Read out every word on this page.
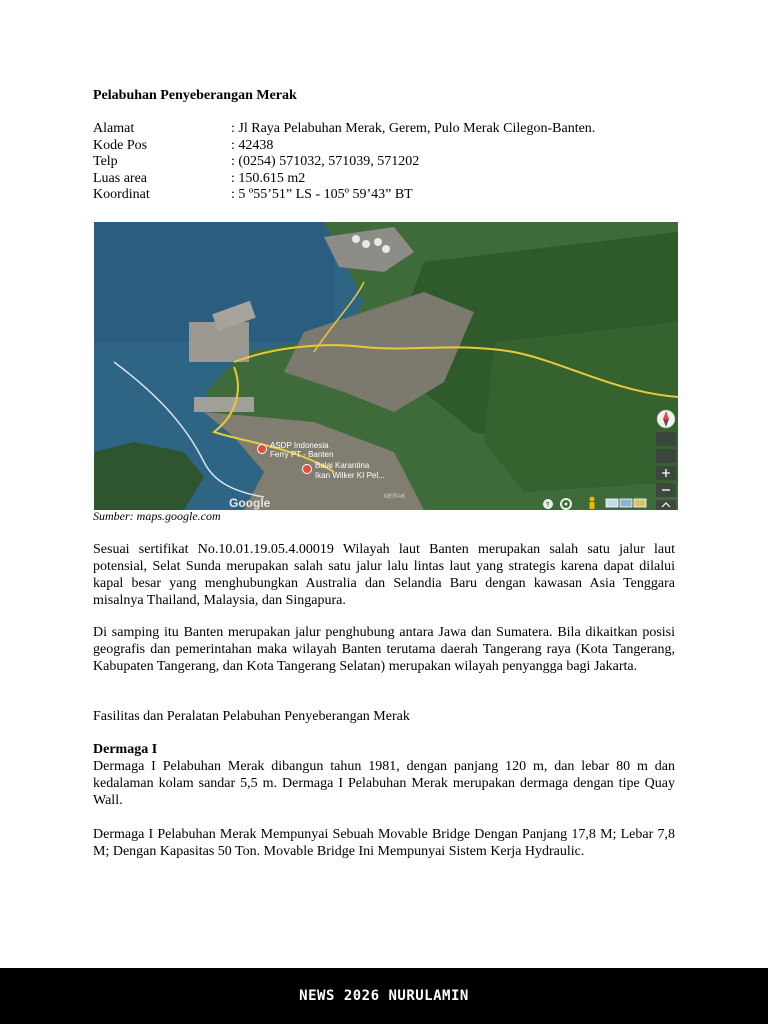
Pelabuhan Penyeberangan Merak
Alamat	: Jl Raya Pelabuhan Merak, Gerem, Pulo Merak Cilegon-Banten.
Kode Pos	: 42438
Telp	: (0254) 571032, 571039, 571202
Luas area	: 150.615 m2
Koordinat	: 5 º55’51” LS - 105º 59’43” BT
ASDP Indonesia
Ferry PT - Banten
Balai Karantina
Ikan Wilker KI Pel...
MERAK
Google	?
Sumber: maps.google.com
Sesuai sertifikat No.10.01.19.05.4.00019 Wilayah laut Banten merupakan salah satu jalur laut potensial, Selat Sunda merupakan salah satu jalur lalu lintas laut yang strategis karena dapat dilalui kapal besar yang menghubungkan Australia dan Selandia Baru dengan kawasan Asia Tenggara misalnya Thailand, Malaysia, dan Singapura.
Di samping itu Banten merupakan jalur penghubung antara Jawa dan Sumatera. Bila dikaitkan posisi geografis dan pemerintahan maka wilayah Banten terutama daerah Tangerang raya (Kota Tangerang, Kabupaten Tangerang, dan Kota Tangerang Selatan) merupakan wilayah penyangga bagi Jakarta.
Fasilitas dan Peralatan Pelabuhan Penyeberangan Merak
Dermaga I
Dermaga I Pelabuhan Merak dibangun tahun 1981, dengan panjang 120 m, dan lebar 80 m dan kedalaman kolam sandar 5,5 m. Dermaga I Pelabuhan Merak merupakan dermaga dengan tipe Quay Wall.
Dermaga I Pelabuhan Merak Mempunyai Sebuah Movable Bridge Dengan Panjang 17,8 M; Lebar 7,8 M; Dengan Kapasitas 50 Ton. Movable Bridge Ini Mempunyai Sistem Kerja Hydraulic.
NEWS 2026 NURULAMIN
